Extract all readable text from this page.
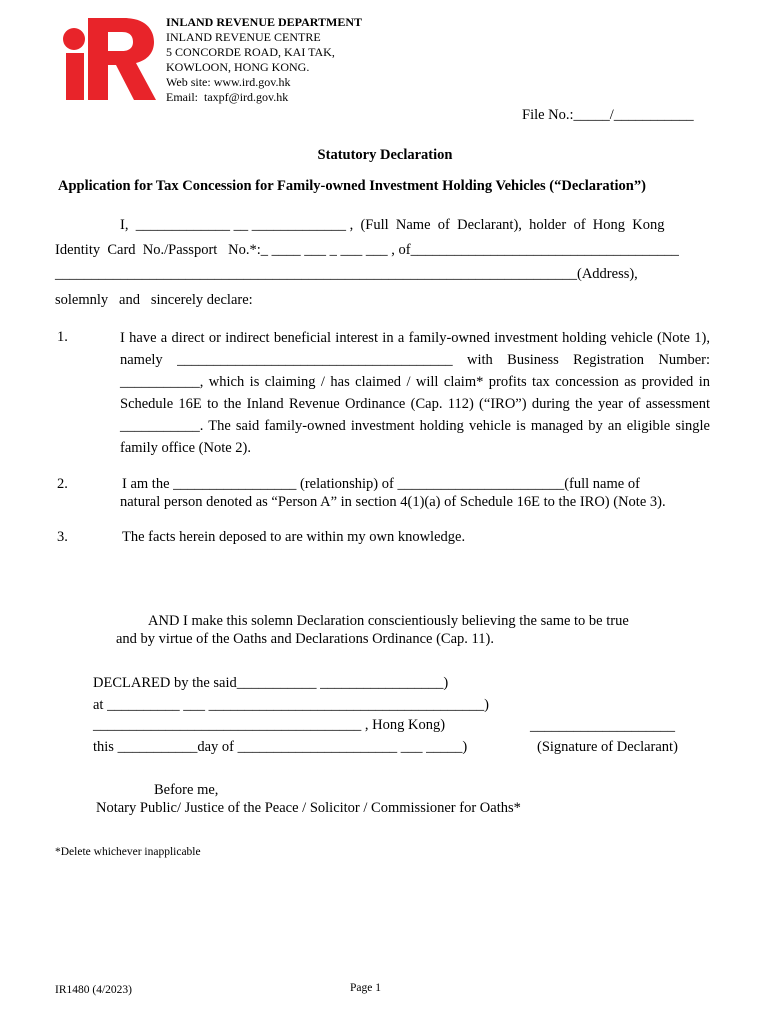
INLAND REVENUE DEPARTMENT
INLAND REVENUE CENTRE
5 CONCORDE ROAD, KAI TAK,
KOWLOON, HONG KONG.
Web site: www.ird.gov.hk
Email:  taxpf@ird.gov.hk
File No.:_____/___________
Statutory Declaration
Application for Tax Concession for Family-owned Investment Holding Vehicles (“Declaration”)
I,  _____________ __ _____________ ,  (Full  Name  of  Declarant),  holder  of  Hong  Kong
Identity  Card  No./Passport   No.*:_ ____ ___ _ ___ ___ , of_____________________________________
________________________________________________________________________(Address),
solemnly   and   sincerely declare:
1.	I have a direct or indirect beneficial interest in a family-owned investment holding vehicle (Note 1), namely ______________________________________ with Business Registration Number: ___________, which is claiming / has claimed / will claim* profits tax concession as provided in Schedule 16E to the Inland Revenue Ordinance (Cap. 112) (“IRO”) during the year of assessment ___________. The said family-owned investment holding vehicle is managed by an eligible single family office (Note 2).
2.	I am the _________________ (relationship) of _______________________(full name of
natural person denoted as “Person A” in section 4(1)(a) of Schedule 16E to the IRO) (Note 3).
3.	The facts herein deposed to are within my own knowledge.
AND I make this solemn Declaration conscientiously believing the same to be true
and by virtue of the Oaths and Declarations Ordinance (Cap. 11).
DECLARED by the said___________ _________________)
at __________ ___ ______________________________________)
_____________________________________ , Hong Kong)
this ___________day of ______________________ ___ _____)
____________________
(Signature of Declarant)
Before me,
Notary Public/ Justice of the Peace / Solicitor / Commissioner for Oaths*
*Delete whichever inapplicable
IR1480 (4/2023)	Page 1
